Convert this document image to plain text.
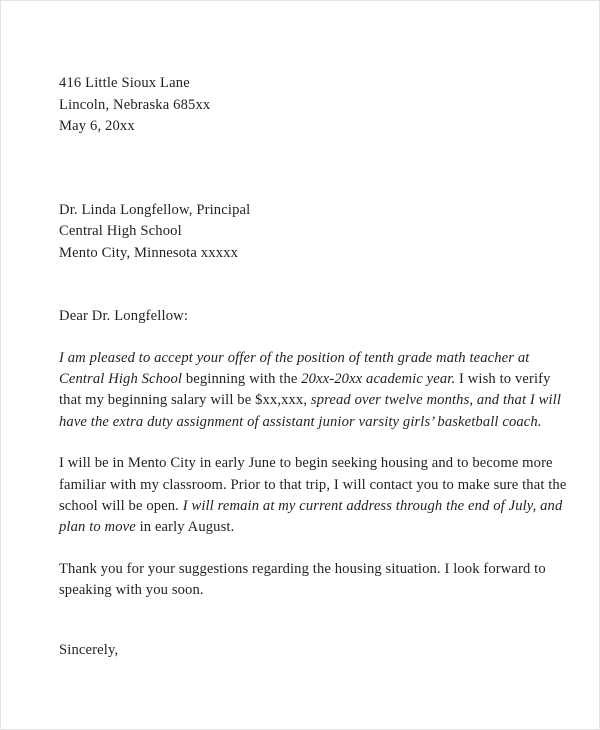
416 Little Sioux Lane
Lincoln, Nebraska 685xx
May 6, 20xx
Dr. Linda Longfellow, Principal
Central High School
Mento City, Minnesota xxxxx
Dear Dr. Longfellow:

I am pleased to accept your offer of the position of tenth grade math teacher at Central High School beginning with the 20xx-20xx academic year. I wish to verify that my beginning salary will be $xx,xxx, spread over twelve months, and that I will have the extra duty assignment of assistant junior varsity girls’ basketball coach.

I will be in Mento City in early June to begin seeking housing and to become more familiar with my classroom. Prior to that trip, I will contact you to make sure that the school will be open. I will remain at my current address through the end of July, and plan to move in early August.

Thank you for your suggestions regarding the housing situation. I look forward to speaking with you soon.

Sincerely,
